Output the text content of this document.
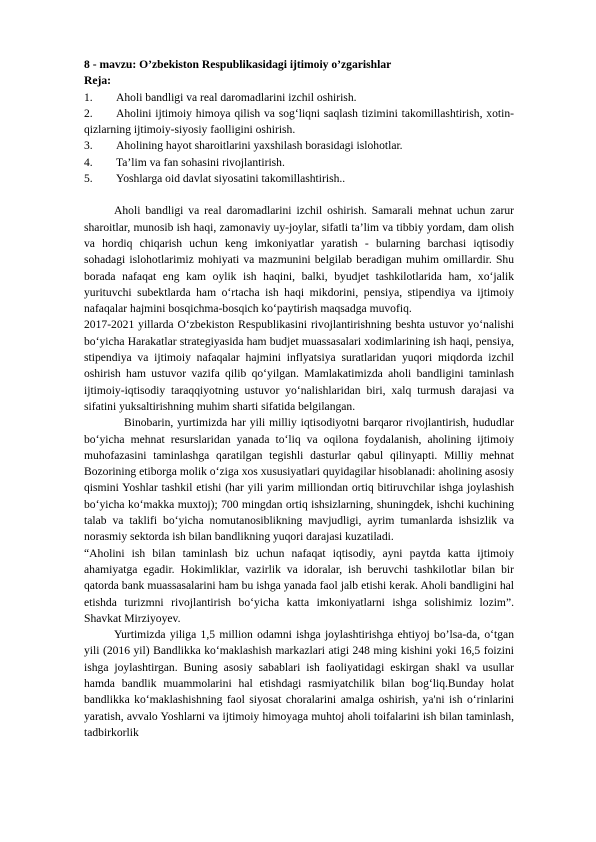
8 - mavzu: O’zbekiston Respublikasidagi ijtimoiy o’zgarishlar

Reja:

1.	Aholi bandligi va real daromadlarini izchil oshirish.
2. Aholini ijtimoiy himoya qilish va sog‘liqni saqlash tizimini takomillashtirish, xotin-qizlarning ijtimoiy-siyosiy faolligini oshirish.
3.	Aholining hayot sharoitlarini yaxshilash borasidagi islohotlar.
4.	Ta’lim va fan sohasini rivojlantirish.
5.	Yoshlarga oid davlat siyosatini takomillashtirish..

Aholi bandligi va real daromadlarini izchil oshirish. Samarali mehnat uchun zarur sharoitlar, munosib ish haqi, zamonaviy uy-joylar, sifatli ta’lim va tibbiy yordam, dam olish va hordiq chiqarish uchun keng imkoniyatlar yaratish - bularning barchasi iqtisodiy sohadagi islohotlarimiz mohiyati va mazmunini belgilab beradigan muhim omillardir. Shu borada nafaqat eng kam oylik ish haqini, balki, byudjet tashkilotlarida ham, xo‘jalik yurituvchi subektlarda ham o‘rtacha ish haqi mikdorini, pensiya, stipendiya va ijtimoiy nafaqalar hajmini bosqichma-bosqich ko‘paytirish maqsadga muvofiq.

2017-2021 yillarda O‘zbekiston Respublikasini rivojlantirishning beshta ustuvor yo‘nalishi bo‘yicha Harakatlar strategiyasida ham budjet muassasalari xodimlarining ish haqi, pensiya, stipendiya va ijtimoiy nafaqalar hajmini inflyatsiya suratlaridan yuqori miqdorda izchil oshirish ham ustuvor vazifa qilib qo‘yilgan. Mamlakatimizda aholi bandligini taminlash ijtimoiy-iqtisodiy taraqqiyotning ustuvor yo‘nalishlaridan biri, xalq turmush darajasi va sifatini yuksaltirishning muhim sharti sifatida belgilangan.

Binobarin, yurtimizda har yili milliy iqtisodiyotni barqaror rivojlantirish, hududlar bo‘yicha mehnat resurslaridan yanada to‘liq va oqilona foydalanish, aholining ijtimoiy muhofazasini taminlashga qaratilgan tegishli dasturlar qabul qilinyapti. Milliy mehnat Bozorining etiborga molik o‘ziga xos xususiyatlari quyidagilar hisoblanadi: aholining asosiy qismini Yoshlar tashkil etishi (har yili yarim milliondan ortiq bitiruvchilar ishga joylashish bo‘yicha ko‘makka muxtoj); 700 mingdan ortiq ishsizlarning, shuningdek, ishchi kuchining talab va taklifi bo‘yicha nomutanosiblikning mavjudligi, ayrim tumanlarda ishsizlik va norasmiy sektorda ish bilan bandlikning yuqori darajasi kuzatiladi.

“Aholini ish bilan taminlash biz uchun nafaqat iqtisodiy, ayni paytda katta ijtimoiy ahamiyatga egadir. Hokimliklar, vazirlik va idoralar, ish beruvchi tashkilotlar bilan bir qatorda bank muassasalarini ham bu ishga yanada faol jalb etishi kerak. Aholi bandligini hal etishda turizmni rivojlantirish bo‘yicha katta imkoniyatlarni ishga solishimiz lozim”. Shavkat Mirziyoyev.

Yurtimizda yiliga 1,5 million odamni ishga joylashtirishga ehtiyoj bo’lsa-da, o‘tgan yili (2016 yil) Bandlikka ko‘maklashish markazlari atigi 248 ming kishini yoki 16,5 foizini ishga joylashtirgan. Buning asosiy sabablari ish faoliyatidagi eskirgan shakl va usullar hamda bandlik muammolarini hal etishdagi rasmiyatchilik bilan bog‘liq.Bunday holat bandlikka ko‘maklashishning faol siyosat choralarini amalga oshirish, ya'ni ish o‘rinlarini yaratish, avvalo Yoshlarni va ijtimoiy himoyaga muhtoj aholi toifalarini ish bilan taminlash, tadbirkorlik
